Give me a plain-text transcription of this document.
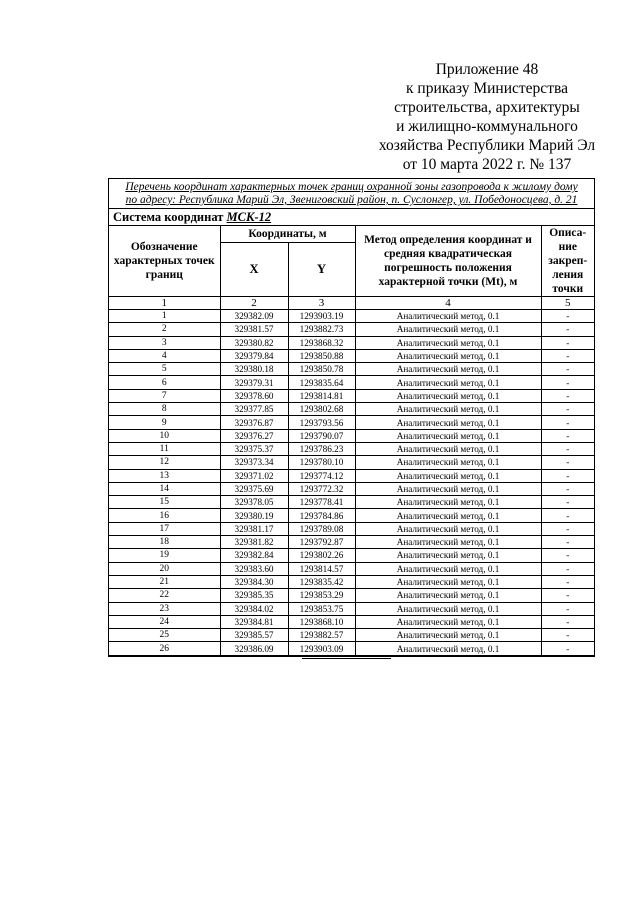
Приложение 48
к приказу Министерства
строительства, архитектуры
и жилищно-коммунального
хозяйства Республики Марий Эл
от 10 марта 2022 г. № 137
Перечень координат характерных точек границ охранной зоны газопровода к жилому дому
по адресу: Республика Марий Эл, Звениговский район, п. Суслонгер, ул. Победоносцева, д. 21
Система координат МСК-12
Обозначение характерных точек границ	Координаты, м		Метод определения координат и средняя квадратическая погрешность положения характерной точки (Mt), м	Описа- ние закреп- ления точки
	X	Y		
1	2	3	4	5
1	329382.09	1293903.19	Аналитический метод, 0.1	-
2	329381.57	1293882.73	Аналитический метод, 0.1	-
3	329380.82	1293868.32	Аналитический метод, 0.1	-
4	329379.84	1293850.88	Аналитический метод, 0.1	-
5	329380.18	1293850.78	Аналитический метод, 0.1	-
6	329379.31	1293835.64	Аналитический метод, 0.1	-
7	329378.60	1293814.81	Аналитический метод, 0.1	-
8	329377.85	1293802.68	Аналитический метод, 0.1	-
9	329376.87	1293793.56	Аналитический метод, 0.1	-
10	329376.27	1293790.07	Аналитический метод, 0.1	-
11	329375.37	1293786.23	Аналитический метод, 0.1	-
12	329373.34	1293780.10	Аналитический метод, 0.1	-
13	329371.02	1293774.12	Аналитический метод, 0.1	-
14	329375.69	1293772.32	Аналитический метод, 0.1	-
15	329378.05	1293778.41	Аналитический метод, 0.1	-
16	329380.19	1293784.86	Аналитический метод, 0.1	-
17	329381.17	1293789.08	Аналитический метод, 0.1	-
18	329381.82	1293792.87	Аналитический метод, 0.1	-
19	329382.84	1293802.26	Аналитический метод, 0.1	-
20	329383.60	1293814.57	Аналитический метод, 0.1	-
21	329384.30	1293835.42	Аналитический метод, 0.1	-
22	329385.35	1293853.29	Аналитический метод, 0.1	-
23	329384.02	1293853.75	Аналитический метод, 0.1	-
24	329384.81	1293868.10	Аналитический метод, 0.1	-
25	329385.57	1293882.57	Аналитический метод, 0.1	-
26	329386.09	1293903.09	Аналитический метод, 0.1	-
